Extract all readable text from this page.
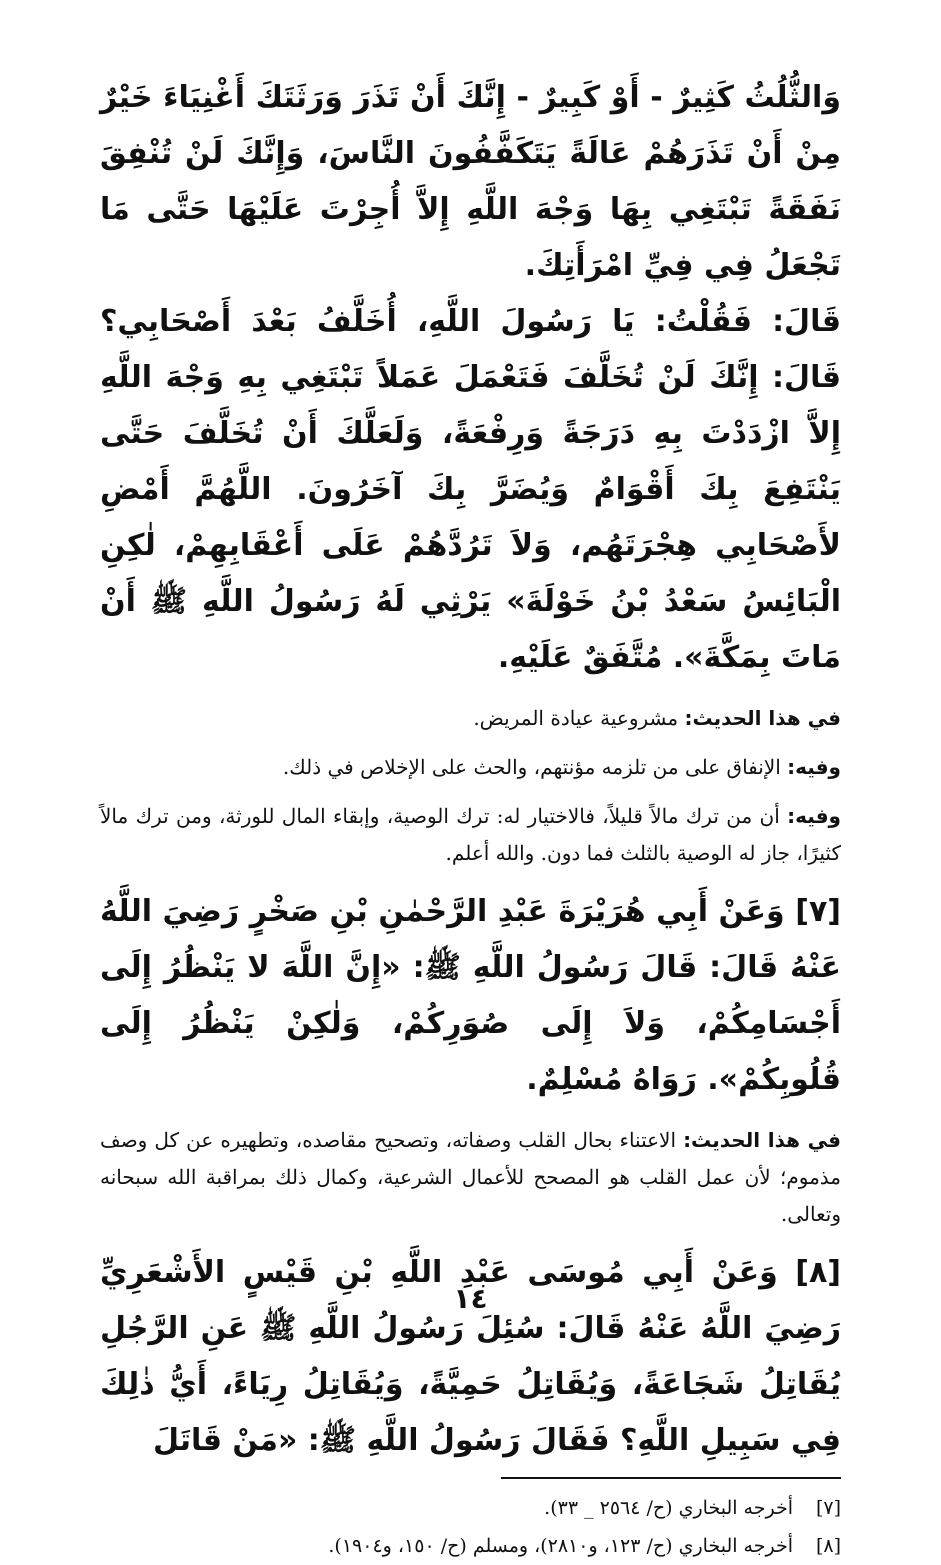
وَالثُّلُثُ كَثِيرٌ - أَوْ كَبِيرٌ - إِنَّكَ أَنْ تَذَرَ وَرَثَتَكَ أَغْنِيَاءَ خَيْرٌ مِنْ أَنْ تَذَرَهُمْ عَالَةً يَتَكَفَّفُونَ النَّاسَ، وَإِنَّكَ لَنْ تُنْفِقَ نَفَقَةً تَبْتَغِي بِهَا وَجْهَ اللَّهِ إِلاَّ أُجِرْتَ عَلَيْهَا حَتَّى مَا تَجْعَلُ فِي فِيِّ امْرَأَتِكَ.

قَالَ: فَقُلْتُ: يَا رَسُولَ اللَّهِ، أُخَلَّفُ بَعْدَ أَصْحَابِي؟ قَالَ: إِنَّكَ لَنْ تُخَلَّفَ فَتَعْمَلَ عَمَلاً تَبْتَغِي بِهِ وَجْهَ اللَّهِ إِلاَّ ازْدَدْتَ بِهِ دَرَجَةً وَرِفْعَةً، وَلَعَلَّكَ أَنْ تُخَلَّفَ حَتَّى يَنْتَفِعَ بِكَ أَقْوَامٌ وَيُضَرَّ بِكَ آخَرُونَ. اللَّهُمَّ أَمْضِ لأَصْحَابِي هِجْرَتَهُم، وَلاَ تَرُدَّهُمْ عَلَى أَعْقَابِهِمْ، لٰكِنِ الْبَائِسُ سَعْدُ بْنُ خَوْلَةَ» يَرْثِي لَهُ رَسُولُ اللَّهِ ﷺ أَنْ مَاتَ بِمَكَّةَ». مُتَّفَقٌ عَلَيْهِ.

في هذا الحديث: مشروعية عيادة المريض.

وفيه: الإنفاق على من تلزمه مؤنتهم، والحث على الإخلاص في ذلك.

وفيه: أن من ترك مالاً قليلاً، فالاختيار له: ترك الوصية، وإبقاء المال للورثة، ومن ترك مالاً كثيرًا، جاز له الوصية بالثلث فما دون. والله أعلم.

[٧] وَعَنْ أَبِي هُرَيْرَةَ عَبْدِ الرَّحْمٰنِ بْنِ صَخْرٍ رَضِيَ اللَّهُ عَنْهُ قَالَ: قَالَ رَسُولُ اللَّهِ ﷺ: «إِنَّ اللَّهَ لا يَنْظُرُ إِلَى أَجْسَامِكُمْ، وَلاَ إِلَى صُوَرِكُمْ، وَلٰكِنْ يَنْظُرُ إِلَى قُلُوبِكُمْ». رَوَاهُ مُسْلِمٌ.

في هذا الحديث: الاعتناء بحال القلب وصفاته، وتصحيح مقاصده، وتطهيره عن كل وصف مذموم؛ لأن عمل القلب هو المصحح للأعمال الشرعية، وكمال ذلك بمراقبة الله سبحانه وتعالى.

[٨] وَعَنْ أَبِي مُوسَى عَبْدِ اللَّهِ بْنِ قَيْسٍ الأَشْعَرِيِّ رَضِيَ اللَّهُ عَنْهُ قَالَ: سُئِلَ رَسُولُ اللَّهِ ﷺ عَنِ الرَّجُلِ يُقَاتِلُ شَجَاعَةً، وَيُقَاتِلُ حَمِيَّةً، وَيُقَاتِلُ رِيَاءً، أَيُّ ذٰلِكَ فِي سَبِيلِ اللَّهِ؟ فَقَالَ رَسُولُ اللَّهِ ﷺ: «مَنْ قَاتَلَ

[٧]أخرجه البخاري (ح/ ٢٥٦٤ _ ٣٣).

[٨]أخرجه البخاري (ح/ ١٢٣، و٢٨١٠)، ومسلم (ح/ ١٥٠، و١٩٠٤).

١٤
